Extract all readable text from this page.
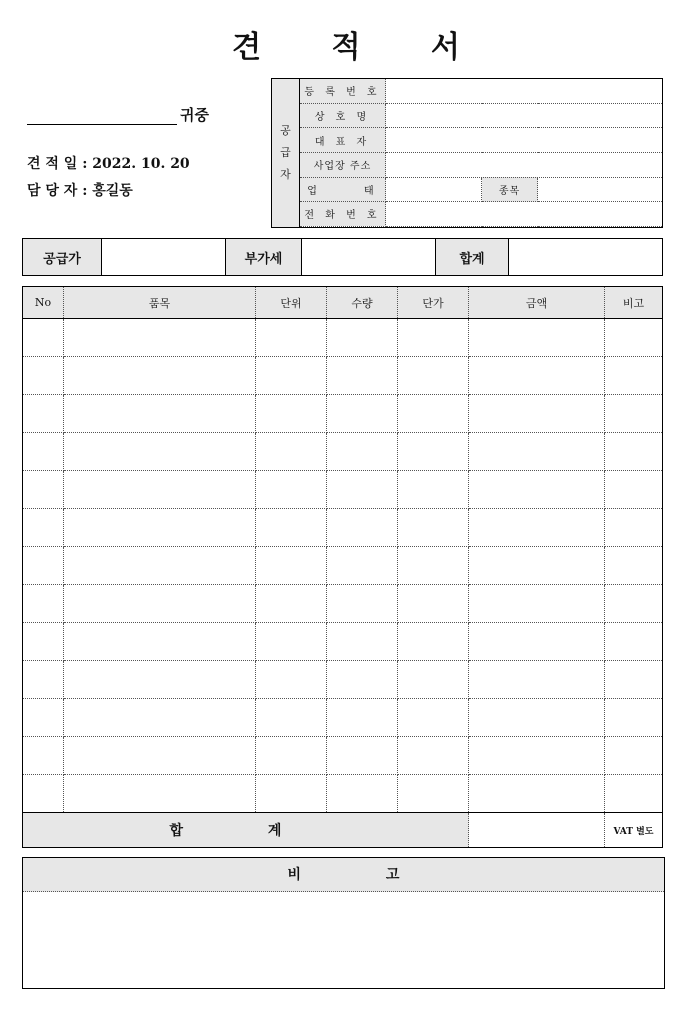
견 적 서
귀중
견 적 일 : 2022. 10. 20
담 당 자 : 홍길동
공
급
자	등 록 번 호			
	상 호 명			
	대 표 자			
	사업장 주소			
	업      태		종목	
	전 화 번 호			

공급가		부가세		합계	
No	품목	단위	수량	단가	금액	비고

합 계						VAT 별도
비 고
